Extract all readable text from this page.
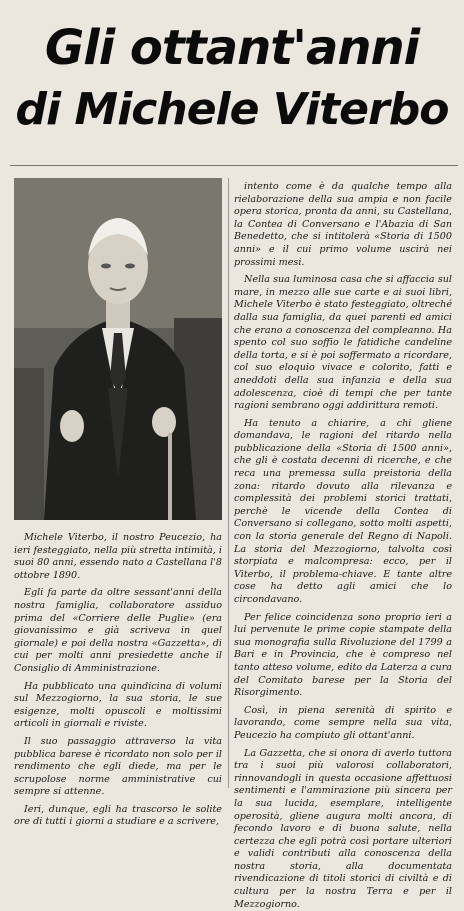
Gli ottant'anni
di Michele Viterbo

Michele Viterbo, il nostro Peucezio, ha ieri festeggiato, nella più stretta intimità, i suoi 80 anni, essendo nato a Castellana l'8 ottobre 1890.

Egli fa parte da oltre sessant'anni della nostra famiglia, collaboratore assiduo prima del «Corriere delle Puglie» (era giovanissimo e già scriveva in quel giornale) e poi della nostra «Gazzetta», di cui per molti anni presiedette anche il Consiglio di Amministrazione.

Ha pubblicato una quindicina di volumi sul Mezzogiorno, la sua storia, le sue esigenze, molti opuscoli e moltissimi articoli in giornali e riviste.

Il suo passaggio attraverso la vita pubblica barese è ricordato non solo per il rendimento che egli diede, ma per le scrupolose norme amministrative cui sempre si attenne.

Ieri, dunque, egli ha trascorso le solite ore di tutti i giorni a studiare e a scrivere,

intento come è da qualche tempo alla rielaborazione della sua ampia e non facile opera storica, pronta da anni, su Castellana, la Contea di Conversano e l'Abazia di San Benedetto, che si intitolerà «Storia di 1500 anni» e il cui primo volume uscirà nei prossimi mesi.

Nella sua luminosa casa che si affaccia sul mare, in mezzo alle sue carte e ai suoi libri, Michele Viterbo è stato festeggiato, oltreché dalla sua famiglia, da quei parenti ed amici che erano a conoscenza del compleanno. Ha spento col suo soffio le fatidiche candeline della torta, e si è poi soffermato a ricordare, col suo eloquio vivace e colorito, fatti e aneddoti della sua infanzia e della sua adolescenza, cioè di tempi che per tante ragioni sembrano oggi addirittura remoti.

Ha tenuto a chiarire, a chi gliene domandava, le ragioni del ritardo nella pubblicazione della «Storia di 1500 anni», che gli è costata decenni di ricerche, e che reca una premessa sulla preistoria della zona: ritardo dovuto alla rilevanza e complessità dei problemi storici trattati, perchè le vicende della Contea di Conversano si collegano, sotto molti aspetti, con la storia generale del Regno di Napoli. La storia del Mezzogiorno, talvolta così storpiata e malcompresa: ecco, per il Viterbo, il problema-chiave. E tante altre cose ha detto agli amici che lo circondavano.

Per felice coincidenza sono proprio ieri a lui pervenute le prime copie stampate della sua monografia sulla Rivoluzione del 1799 a Bari e in Provincia, che è compreso nel tanto atteso volume, edito da Laterza a cura del Comitato barese per la Storia del Risorgimento.

Così, in piena serenità di spirito e lavorando, come sempre nella sua vita, Peucezio ha compiuto gli ottant'anni.

La Gazzetta, che si onora di averlo tuttora tra i suoi più valorosi collaboratori, rinnovandogli in questa occasione affettuosi sentimenti e l'ammirazione più sincera per la sua lucida, esemplare, intelligente operosità, gliene augura molti ancora, di fecondo lavoro e di buona salute, nella certezza che egli potrà così portare ulteriori e validi contributi alla conoscenza della nostra storia, alla documentata rivendicazione di titoli storici di civiltà e di cultura per la nostra Terra e per il Mezzogiorno.
